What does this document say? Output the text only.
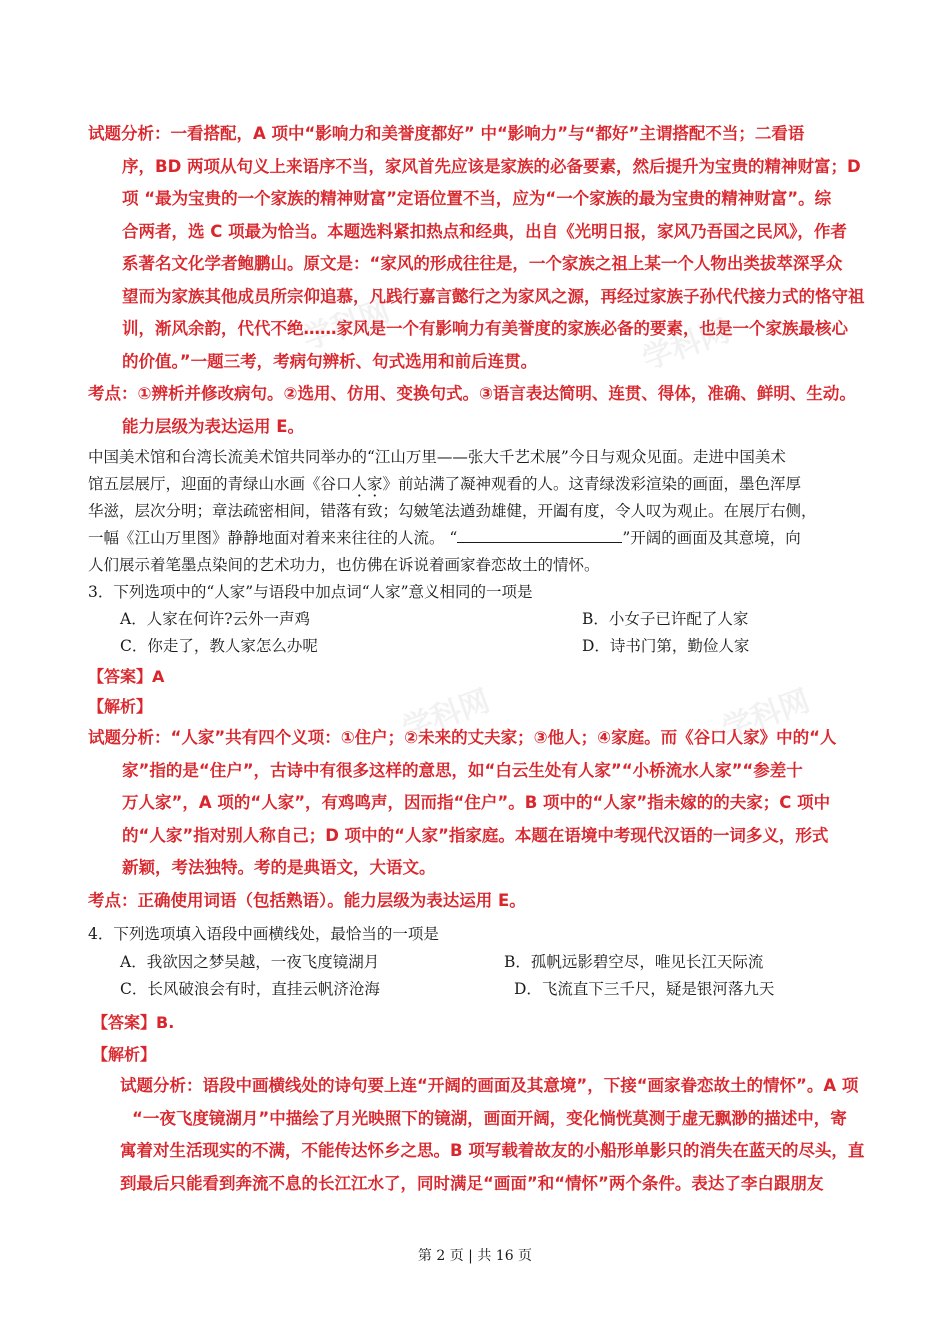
学科网	学科网
学科网	学科网
试题分析：一看搭配，A 项中“影响力和美誉度都好” 中“影响力”与“都好”主谓搭配不当；二看语
序，BD 两项从句义上来语序不当，家风首先应该是家族的必备要素，然后提升为宝贵的精神财富；D
项 “最为宝贵的一个家族的精神财富”定语位置不当，应为“一个家族的最为宝贵的精神财富”。综
合两者，选 C 项最为恰当。本题选料紧扣热点和经典，出自《光明日报，家风乃吾国之民风》，作者
系著名文化学者鲍鹏山。原文是：“家风的形成往往是，一个家族之祖上某一个人物出类拔萃深孚众
望而为家族其他成员所宗仰追慕，凡践行嘉言懿行之为家风之源，再经过家族子孙代代接力式的恪守祖
训，渐风余韵，代代不绝……家风是一个有影响力有美誉度的家族必备的要素，也是一个家族最核心
的价值。”一题三考，考病句辨析、句式选用和前后连贯。
考点：①辨析并修改病句。②选用、仿用、变换句式。③语言表达简明、连贯、得体，准确、鲜明、生动。
能力层级为表达运用 E。
中国美术馆和台湾长流美术馆共同举办的“江山万里——张大千艺术展”今日与观众见面。走进中国美术
馆五层展厅，迎面的青绿山水画《谷口人家》前站满了凝神观看的人。这青绿泼彩渲染的画面，墨色浑厚
华滋，层次分明；章法疏密相间，错落有致；勾皴笔法遒劲雄健，开阖有度，令人叹为观止。在展厅右侧，
一幅《江山万里图》静静地面对着来来往往的人流。 “	”开阔的画面及其意境，向
人们展示着笔墨点染间的艺术功力，也仿佛在诉说着画家眷恋故土的情怀。
3．下列选项中的“人家”与语段中加点词“人家”意义相同的一项是
A．人家在何许?云外一声鸡	B．小女子已许配了人家
C．你走了，教人家怎么办呢	D．诗书门第，勤俭人家
【答案】A
【解析】
试题分析：“人家”共有四个义项：①住户；②未来的丈夫家；③他人；④家庭。而《谷口人家》中的“人
家”指的是“住户”，古诗中有很多这样的意思，如“白云生处有人家”“小桥流水人家”“参差十
万人家”，A 项的“人家”，有鸡鸣声，因而指“住户”。B 项中的“人家”指未嫁的的夫家；C 项中
的“人家”指对别人称自己；D 项中的“人家”指家庭。本题在语境中考现代汉语的一词多义，形式
新颖，考法独特。考的是典语文，大语文。
考点：正确使用词语（包括熟语）。能力层级为表达运用 E。
4．下列选项填入语段中画横线处，最恰当的一项是
A．我欲因之梦吴越，一夜飞度镜湖月	B．孤帆远影碧空尽，唯见长江天际流
C．长风破浪会有时，直挂云帆济沧海	D．飞流直下三千尺，疑是银河落九天
【答案】B.
【解析】
试题分析：语段中画横线处的诗句要上连“开阔的画面及其意境”，下接“画家眷恋故土的情怀”。A 项
“一夜飞度镜湖月”中描绘了月光映照下的镜湖，画面开阔，变化惝恍莫测于虚无飘渺的描述中，寄
寓着对生活现实的不满，不能传达怀乡之思。B 项写载着故友的小船形单影只的消失在蓝天的尽头，直
到最后只能看到奔流不息的长江江水了，同时满足“画面”和“情怀”两个条件。表达了李白跟朋友
第 2 页 | 共 16 页
